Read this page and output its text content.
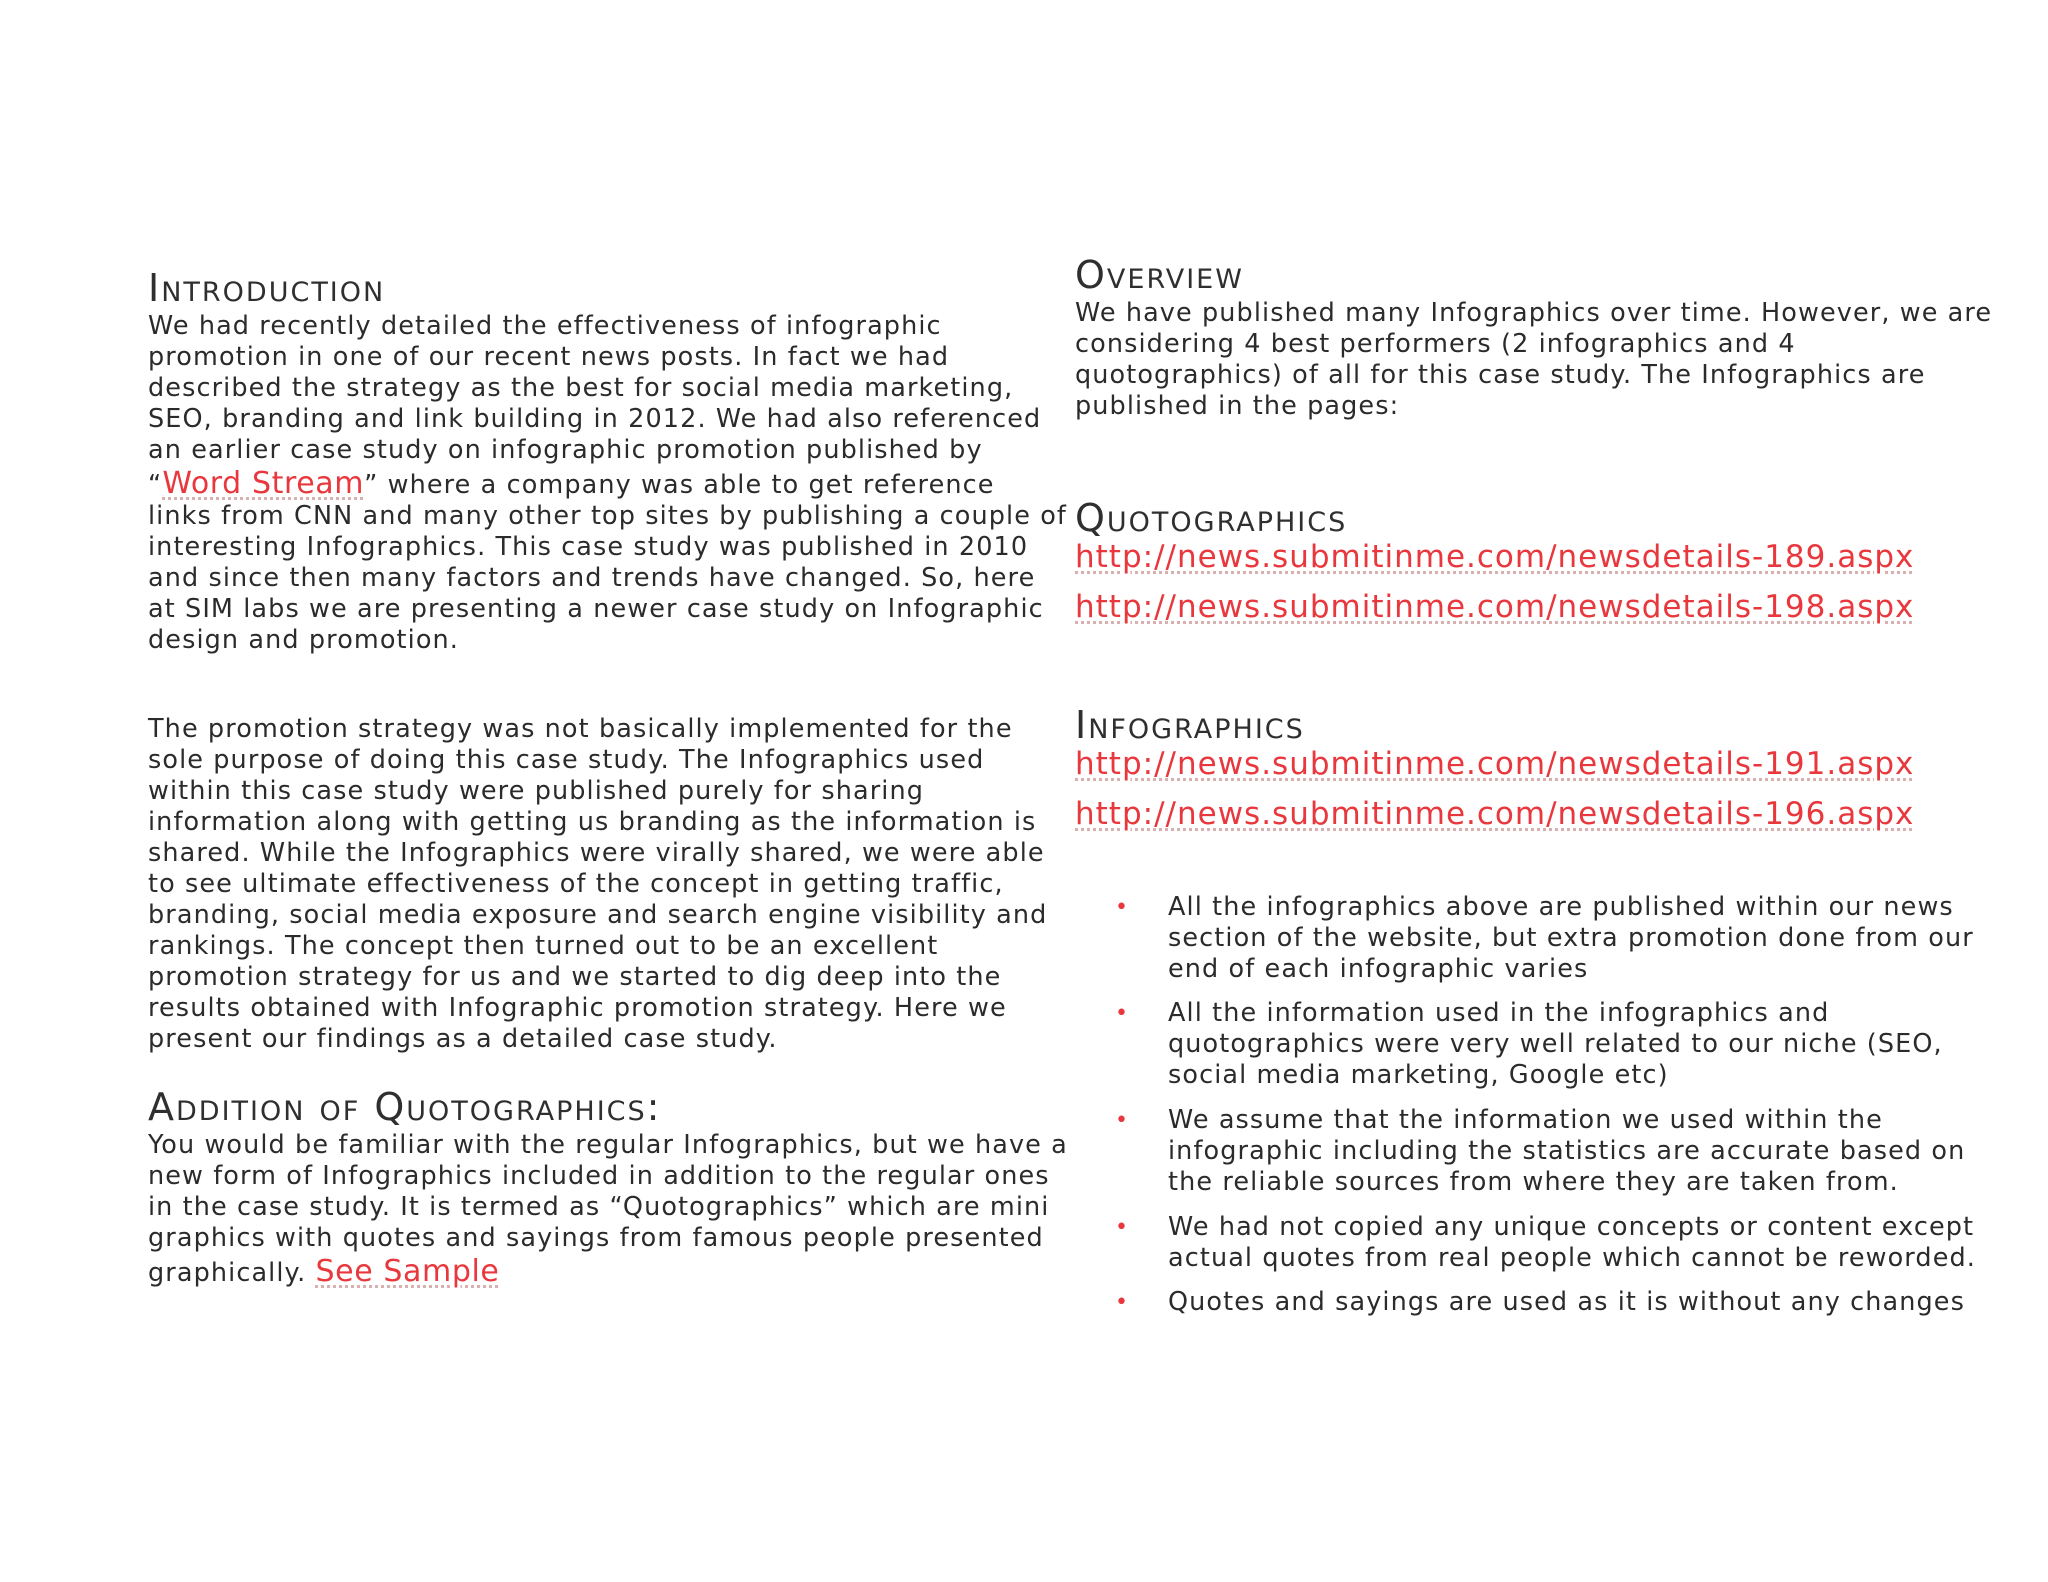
Introduction
We had recently detailed the effectiveness of infographic
promotion in one of our recent news posts. In fact we had
described the strategy as the best for social media marketing,
SEO, branding and link building in 2012. We had also referenced
an earlier case study on infographic promotion published by
“Word Stream” where a company was able to get reference
links from CNN and many other top sites by publishing a couple of
interesting Infographics. This case study was published in 2010
and since then many factors and trends have changed. So, here
at SIM labs we are presenting a newer case study on Infographic
design and promotion.
The promotion strategy was not basically implemented for the
sole purpose of doing this case study. The Infographics used
within this case study were published purely for sharing
information along with getting us branding as the information is
shared. While the Infographics were virally shared, we were able
to see ultimate effectiveness of the concept in getting traffic,
branding, social media exposure and search engine visibility and
rankings. The concept then turned out to be an excellent
promotion strategy for us and we started to dig deep into the
results obtained with Infographic promotion strategy. Here we
present our findings as a detailed case study.
Addition of Quotographics:
You would be familiar with the regular Infographics, but we have a
new form of Infographics included in addition to the regular ones
in the case study. It is termed as “Quotographics” which are mini
graphics with quotes and sayings from famous people presented
graphically. See Sample
Overview
We have published many Infographics over time. However, we are
considering 4 best performers (2 infographics and 4
quotographics) of all for this case study. The Infographics are
published in the pages:
Quotographics
http://news.submitinme.com/newsdetails-189.aspx
http://news.submitinme.com/newsdetails-198.aspx
Infographics
http://news.submitinme.com/newsdetails-191.aspx
http://news.submitinme.com/newsdetails-196.aspx
• All the infographics above are published within our news
section of the website, but extra promotion done from our
end of each infographic varies
• All the information used in the infographics and
quotographics were very well related to our niche (SEO,
social media marketing, Google etc)
• We assume that the information we used within the
infographic including the statistics are accurate based on
the reliable sources from where they are taken from.
• We had not copied any unique concepts or content except
actual quotes from real people which cannot be reworded.
• Quotes and sayings are used as it is without any changes
